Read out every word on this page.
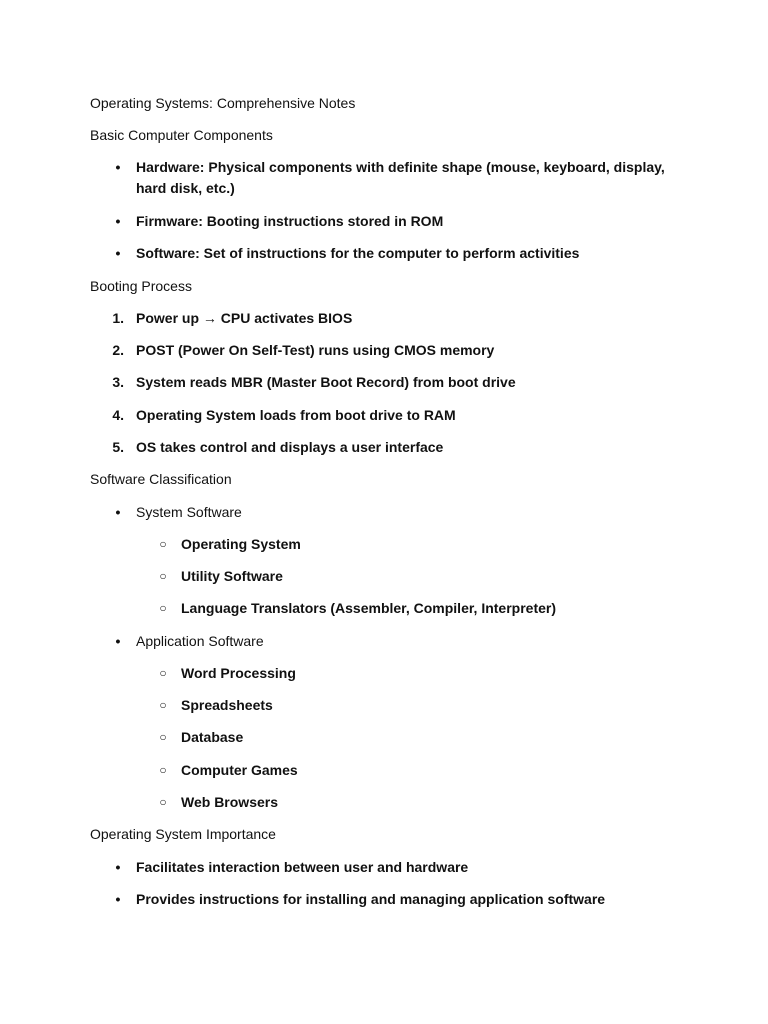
Operating Systems: Comprehensive Notes
Basic Computer Components
• Hardware: Physical components with definite shape (mouse, keyboard, display, hard disk, etc.)
• Firmware: Booting instructions stored in ROM
• Software: Set of instructions for the computer to perform activities
Booting Process
1. Power up → CPU activates BIOS
2. POST (Power On Self-Test) runs using CMOS memory
3. System reads MBR (Master Boot Record) from boot drive
4. Operating System loads from boot drive to RAM
5. OS takes control and displays a user interface
Software Classification
• System Software
○ Operating System
○ Utility Software
○ Language Translators (Assembler, Compiler, Interpreter)
• Application Software
○ Word Processing
○ Spreadsheets
○ Database
○ Computer Games
○ Web Browsers
Operating System Importance
• Facilitates interaction between user and hardware
• Provides instructions for installing and managing application software
